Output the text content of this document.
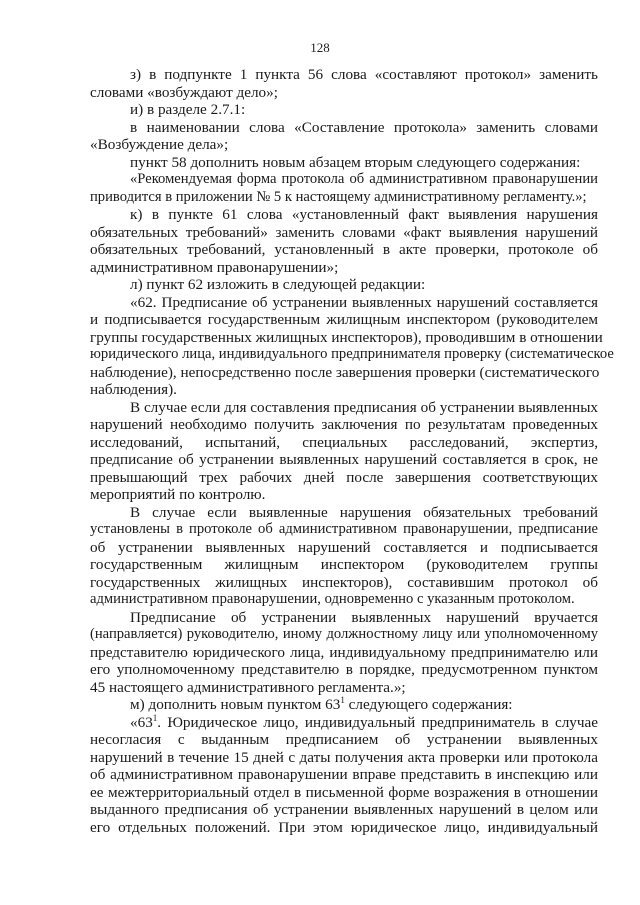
128
з) в подпункте 1 пункта 56 слова «составляют протокол» заменить
словами «возбуждают дело»;
и) в разделе 2.7.1:
в наименовании слова «Составление протокола» заменить словами
«Возбуждение дела»;
пункт 58 дополнить новым абзацем вторым следующего содержания:
«Рекомендуемая форма протокола об административном правонарушении
приводится в приложении № 5 к настоящему административному регламенту.»;
к) в пункте 61 слова «установленный факт выявления нарушения
обязательных требований» заменить словами «факт выявления нарушений
обязательных требований, установленный в акте проверки, протоколе об
административном правонарушении»;
л) пункт 62 изложить в следующей редакции:
«62. Предписание об устранении выявленных нарушений составляется
и подписывается государственным жилищным инспектором (руководителем
группы государственных жилищных инспекторов), проводившим в отношении
юридического лица, индивидуального предпринимателя проверку (систематическое
наблюдение), непосредственно после завершения проверки (систематического
наблюдения).
В случае если для составления предписания об устранении выявленных
нарушений необходимо получить заключения по результатам проведенных
исследований, испытаний, специальных расследований, экспертиз,
предписание об устранении выявленных нарушений составляется в срок, не
превышающий трех рабочих дней после завершения соответствующих
мероприятий по контролю.
В случае если выявленные нарушения обязательных требований
установлены в протоколе об административном правонарушении, предписание
об устранении выявленных нарушений составляется и подписывается
государственным жилищным инспектором (руководителем группы
государственных жилищных инспекторов), составившим протокол об
административном правонарушении, одновременно с указанным протоколом.
Предписание об устранении выявленных нарушений вручается
(направляется) руководителю, иному должностному лицу или уполномоченному
представителю юридического лица, индивидуальному предпринимателю или
его уполномоченному представителю в порядке, предусмотренном пунктом
45 настоящего административного регламента.»;
м) дополнить новым пунктом $63^1$ следующего содержания:
«$63^1$. Юридическое лицо, индивидуальный предприниматель в случае
несогласия с выданным предписанием об устранении выявленных
нарушений в течение 15 дней с даты получения акта проверки или протокола
об административном правонарушении вправе представить в инспекцию или
ее межтерриториальный отдел в письменной форме возражения в отношении
выданного предписания об устранении выявленных нарушений в целом или
его отдельных положений. При этом юридическое лицо, индивидуальный
